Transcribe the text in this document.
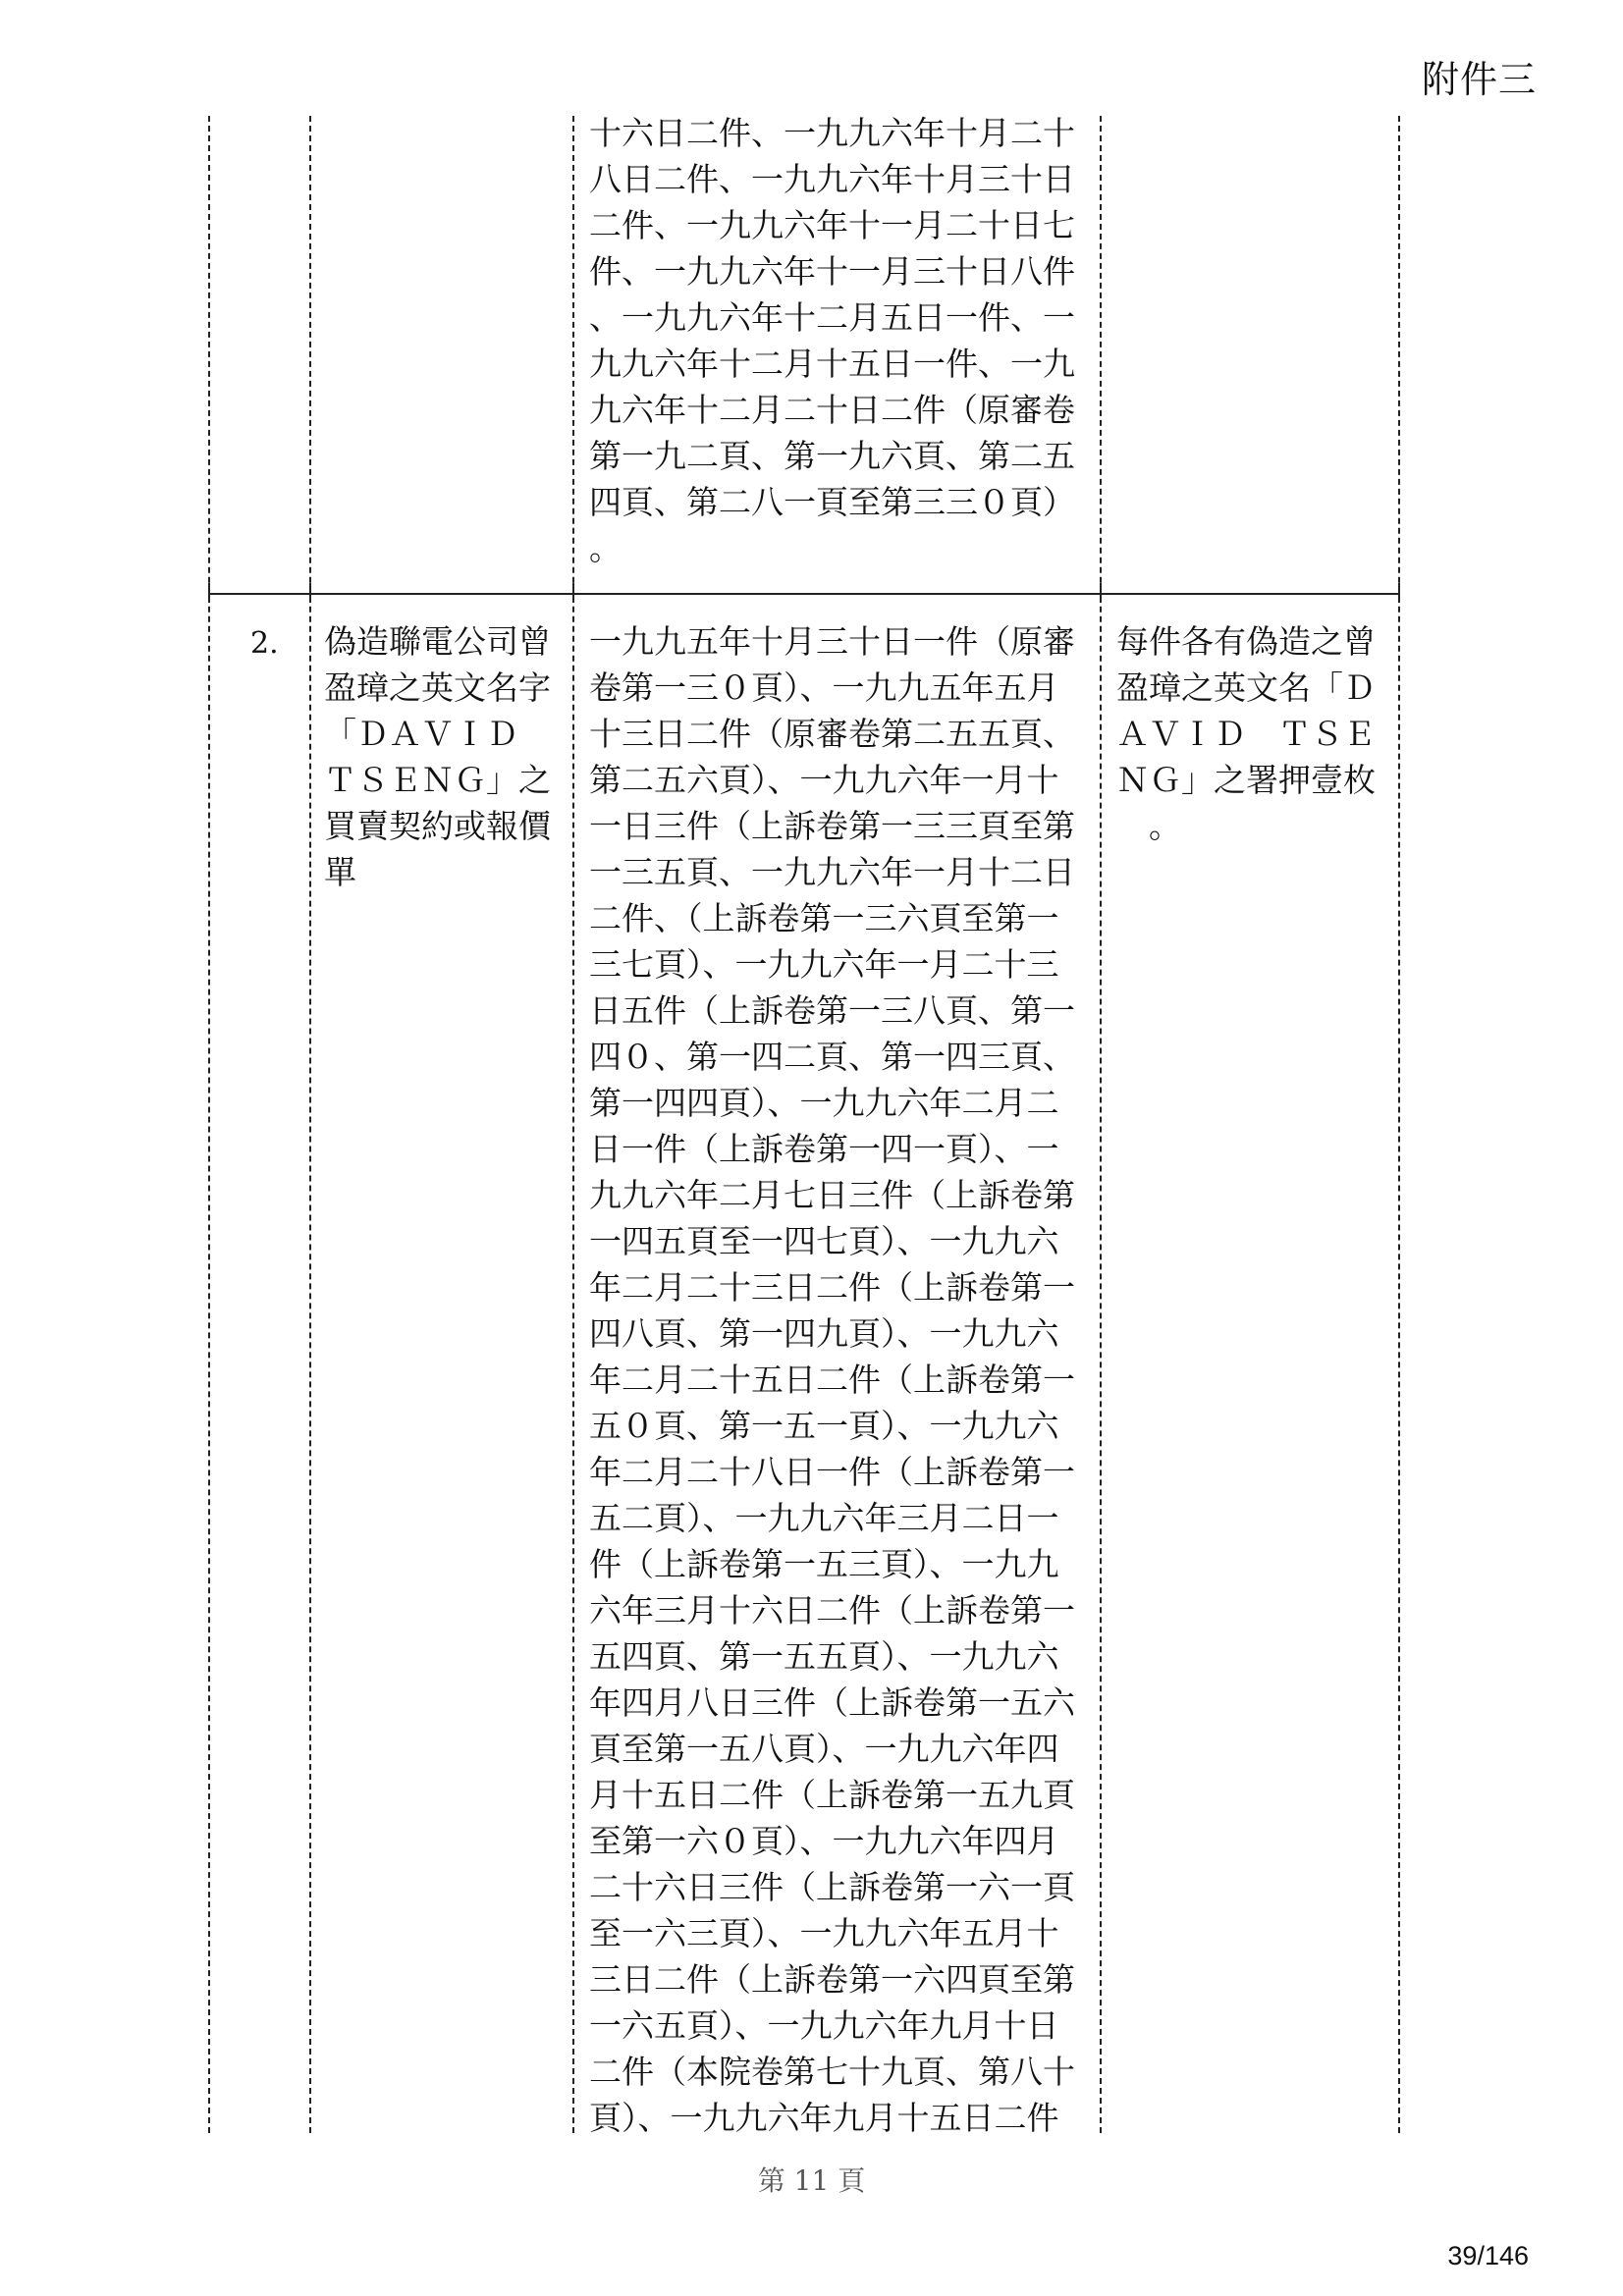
附件三
十六日二件、一九九六年十月二十
八日二件、一九九六年十月三十日
二件、一九九六年十一月二十日七
件、一九九六年十一月三十日八件
、一九九六年十二月五日一件、一
九九六年十二月十五日一件、一九
九六年十二月二十日二件（原審卷
第一九二頁、第一九六頁、第二五
四頁、第二八一頁至第三三０頁）
。
2. 偽造聯電公司曾
盈璋之英文名字
「ＤＡＶＩＤ
ＴＳＥＮＧ」之
買賣契約或報價
單
一九九五年十月三十日一件（原審
卷第一三０頁）、一九九五年五月
十三日二件（原審卷第二五五頁、
第二五六頁）、一九九六年一月十
一日三件（上訴卷第一三三頁至第
一三五頁、一九九六年一月十二日
二件、（上訴卷第一三六頁至第一
三七頁）、一九九六年一月二十三
日五件（上訴卷第一三八頁、第一
四０、第一四二頁、第一四三頁、
第一四四頁）、一九九六年二月二
日一件（上訴卷第一四一頁）、一
九九六年二月七日三件（上訴卷第
一四五頁至一四七頁）、一九九六
年二月二十三日二件（上訴卷第一
四八頁、第一四九頁）、一九九六
年二月二十五日二件（上訴卷第一
五０頁、第一五一頁）、一九九六
年二月二十八日一件（上訴卷第一
五二頁）、一九九六年三月二日一
件（上訴卷第一五三頁）、一九九
六年三月十六日二件（上訴卷第一
五四頁、第一五五頁）、一九九六
年四月八日三件（上訴卷第一五六
頁至第一五八頁）、一九九六年四
月十五日二件（上訴卷第一五九頁
至第一六０頁）、一九九六年四月
二十六日三件（上訴卷第一六一頁
至一六三頁）、一九九六年五月十
三日二件（上訴卷第一六四頁至第
一六五頁）、一九九六年九月十日
二件（本院卷第七十九頁、第八十
頁）、一九九六年九月十五日二件
每件各有偽造之曾
盈璋之英文名「Ｄ
ＡＶＩＤ　ＴＳＥ
ＮＧ」之署押壹枚
　。
第 11 頁
39/146
